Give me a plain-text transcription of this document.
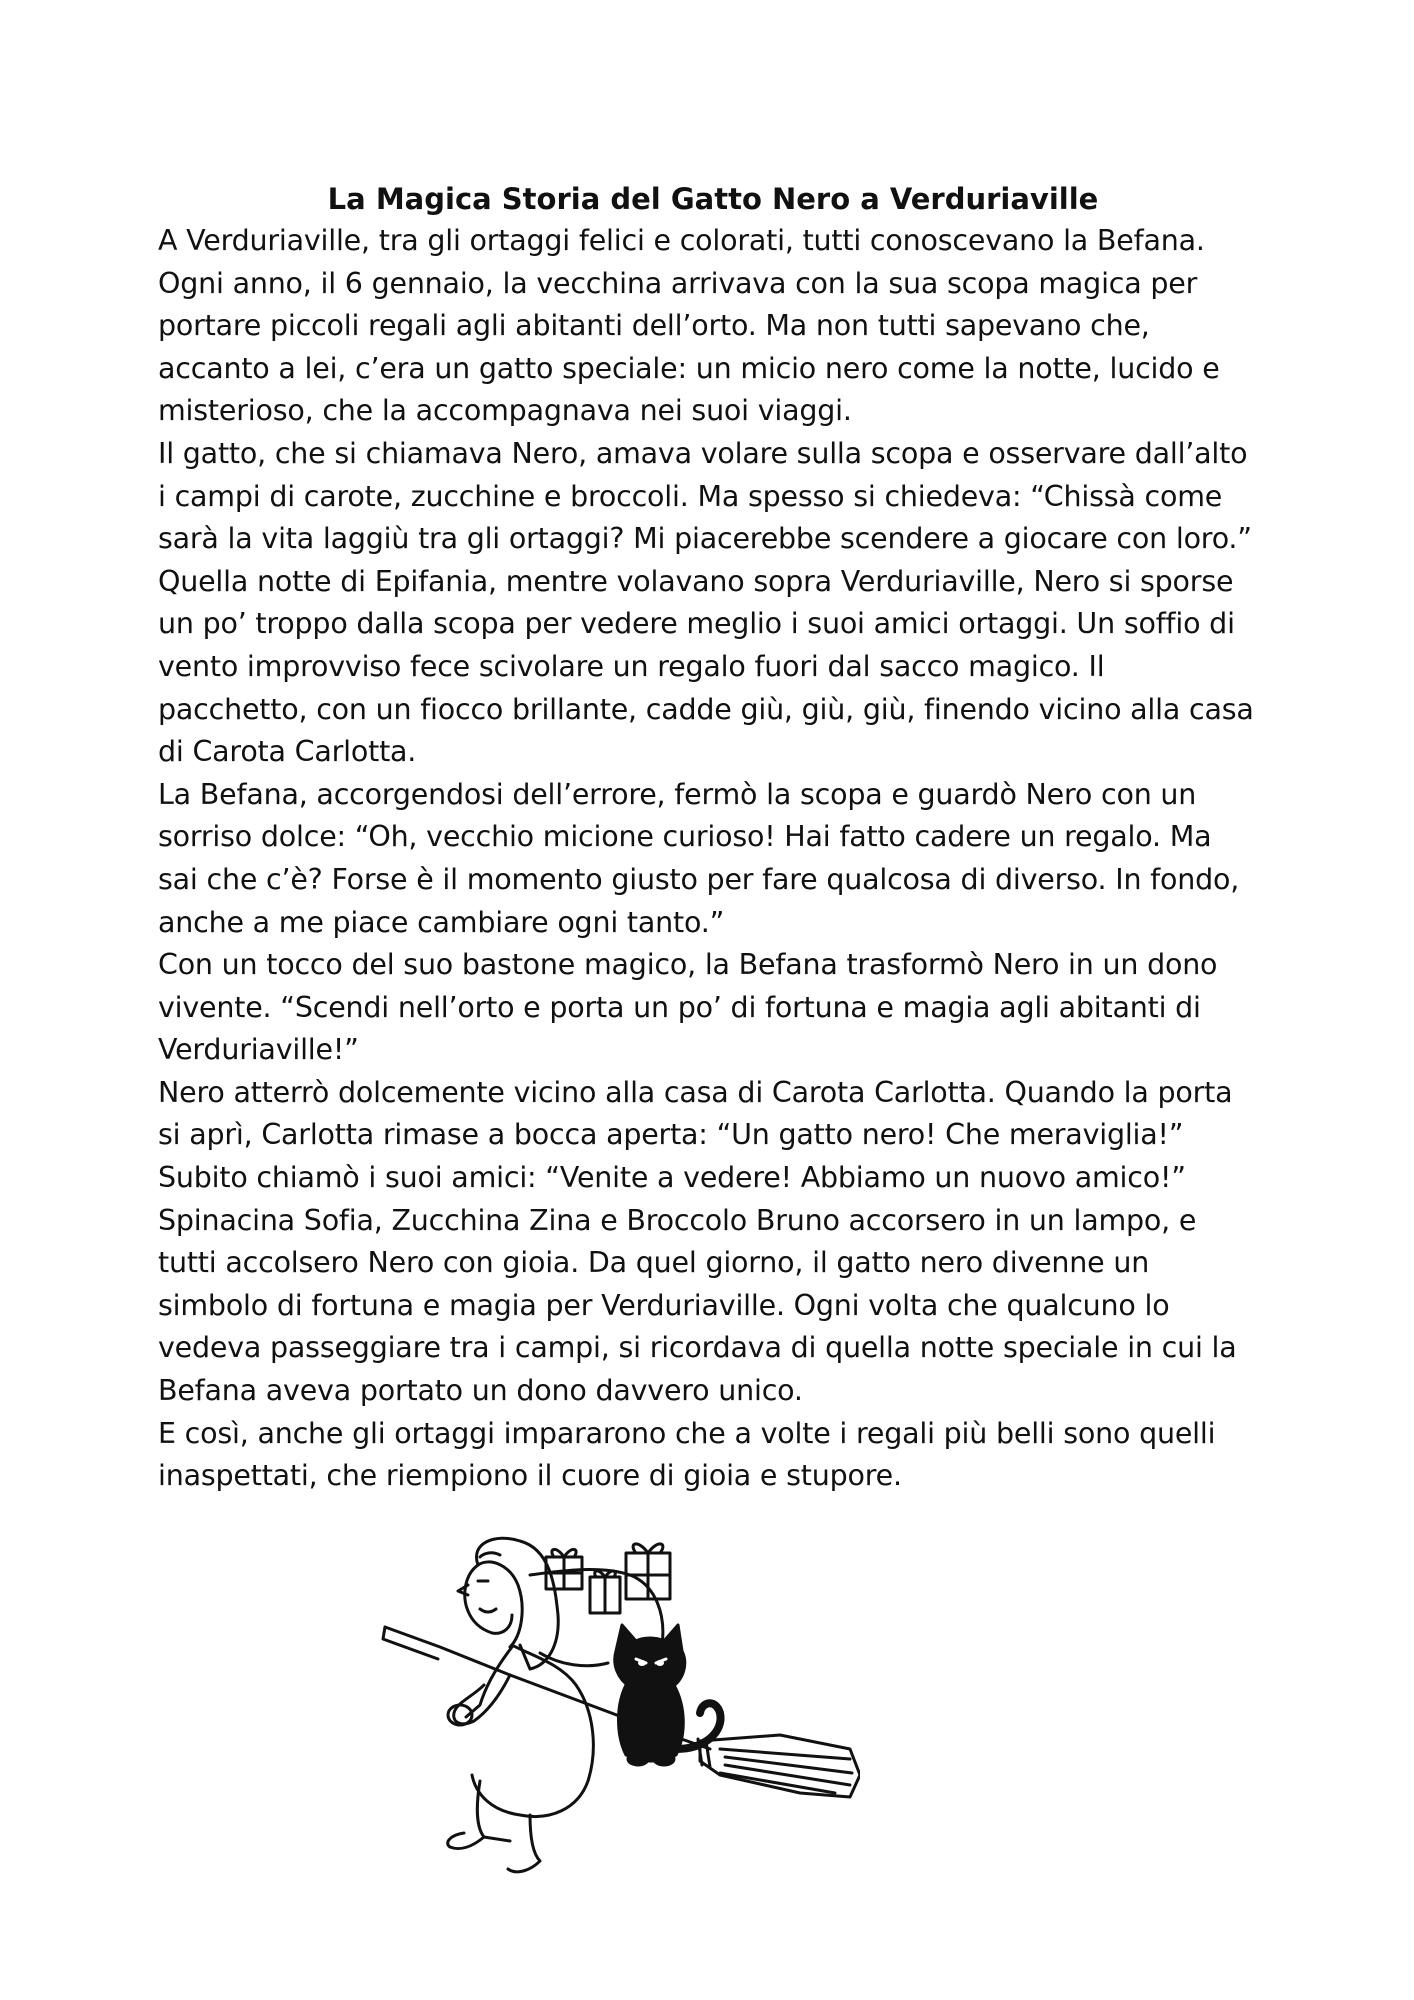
La Magica Storia del Gatto Nero a Verduriaville
A Verduriaville, tra gli ortaggi felici e colorati, tutti conoscevano la Befana.
Ogni anno, il 6 gennaio, la vecchina arrivava con la sua scopa magica per
portare piccoli regali agli abitanti dell’orto. Ma non tutti sapevano che,
accanto a lei, c’era un gatto speciale: un micio nero come la notte, lucido e
misterioso, che la accompagnava nei suoi viaggi.
Il gatto, che si chiamava Nero, amava volare sulla scopa e osservare dall’alto
i campi di carote, zucchine e broccoli. Ma spesso si chiedeva: “Chissà come
sarà la vita laggiù tra gli ortaggi? Mi piacerebbe scendere a giocare con loro.”
Quella notte di Epifania, mentre volavano sopra Verduriaville, Nero si sporse
un po’ troppo dalla scopa per vedere meglio i suoi amici ortaggi. Un soffio di
vento improvviso fece scivolare un regalo fuori dal sacco magico. Il
pacchetto, con un fiocco brillante, cadde giù, giù, giù, finendo vicino alla casa
di Carota Carlotta.
La Befana, accorgendosi dell’errore, fermò la scopa e guardò Nero con un
sorriso dolce: “Oh, vecchio micione curioso! Hai fatto cadere un regalo. Ma
sai che c’è? Forse è il momento giusto per fare qualcosa di diverso. In fondo,
anche a me piace cambiare ogni tanto.”
Con un tocco del suo bastone magico, la Befana trasformò Nero in un dono
vivente. “Scendi nell’orto e porta un po’ di fortuna e magia agli abitanti di
Verduriaville!”
Nero atterrò dolcemente vicino alla casa di Carota Carlotta. Quando la porta
si aprì, Carlotta rimase a bocca aperta: “Un gatto nero! Che meraviglia!”
Subito chiamò i suoi amici: “Venite a vedere! Abbiamo un nuovo amico!”
Spinacina Sofia, Zucchina Zina e Broccolo Bruno accorsero in un lampo, e
tutti accolsero Nero con gioia. Da quel giorno, il gatto nero divenne un
simbolo di fortuna e magia per Verduriaville. Ogni volta che qualcuno lo
vedeva passeggiare tra i campi, si ricordava di quella notte speciale in cui la
Befana aveva portato un dono davvero unico.
E così, anche gli ortaggi impararono che a volte i regali più belli sono quelli
inaspettati, che riempiono il cuore di gioia e stupore.
